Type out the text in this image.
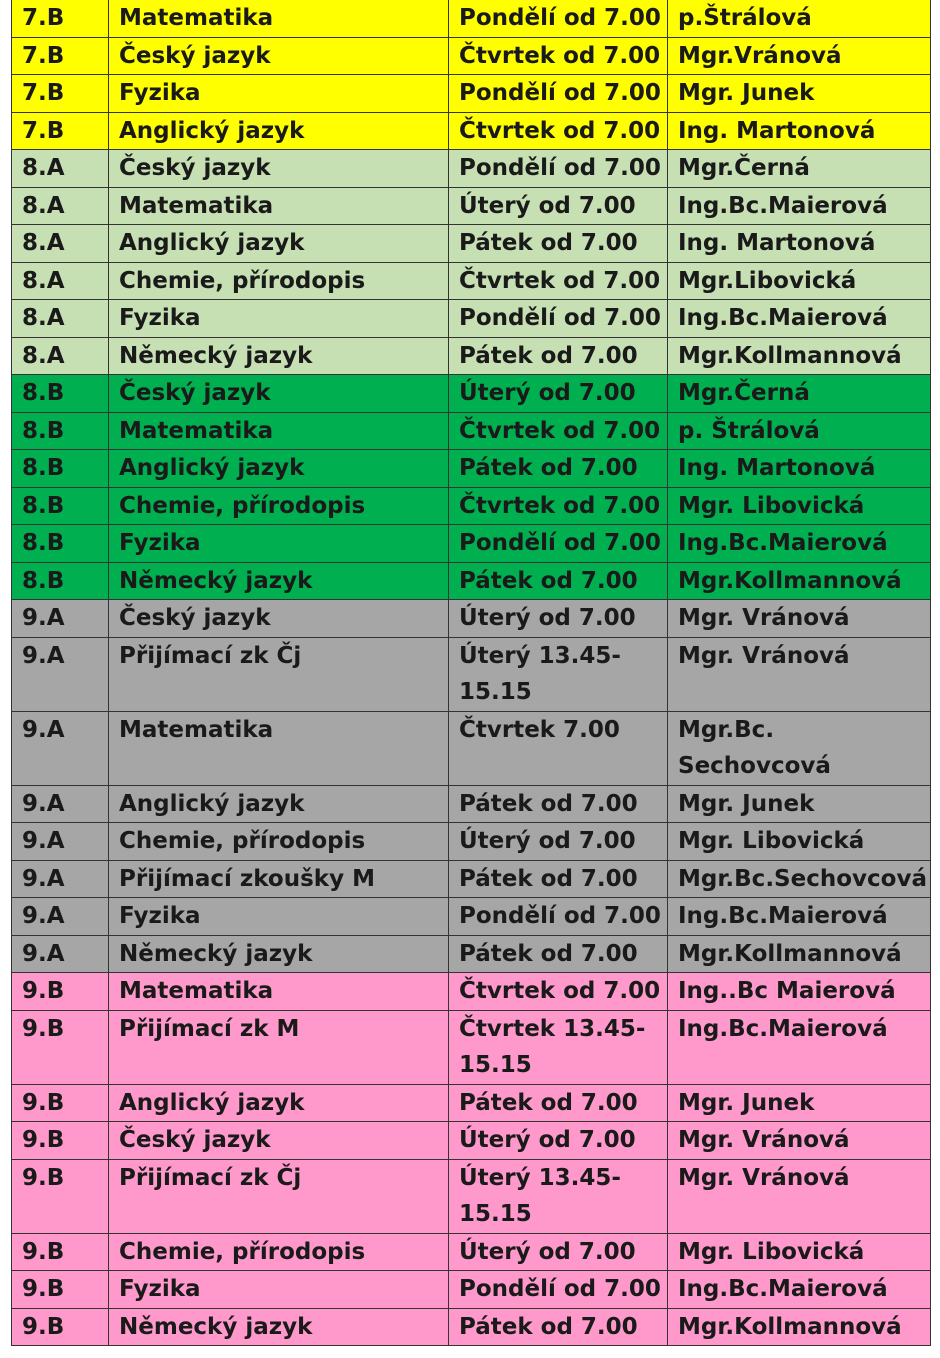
7.B	Matematika	Pondělí od 7.00	p.Štrálová
7.B	Český jazyk	Čtvrtek od 7.00	Mgr.Vránová
7.B	Fyzika	Pondělí od 7.00	Mgr. Junek
7.B	Anglický jazyk	Čtvrtek od 7.00	Ing. Martonová
8.A	Český jazyk	Pondělí od 7.00	Mgr.Černá
8.A	Matematika	Úterý od 7.00	Ing.Bc.Maierová
8.A	Anglický jazyk	Pátek od 7.00	Ing. Martonová
8.A	Chemie, přírodopis	Čtvrtek od 7.00	Mgr.Libovická
8.A	Fyzika	Pondělí od 7.00	Ing.Bc.Maierová
8.A	Německý jazyk	Pátek od 7.00	Mgr.Kollmannová
8.B	Český jazyk	Úterý od 7.00	Mgr.Černá
8.B	Matematika	Čtvrtek od 7.00	p. Štrálová
8.B	Anglický jazyk	Pátek od 7.00	Ing. Martonová
8.B	Chemie, přírodopis	Čtvrtek od 7.00	Mgr. Libovická
8.B	Fyzika	Pondělí od 7.00	Ing.Bc.Maierová
8.B	Německý jazyk	Pátek od 7.00	Mgr.Kollmannová
9.A	Český jazyk	Úterý od 7.00	Mgr. Vránová
9.A	Přijímací zk Čj	Úterý 13.45-15.15	Mgr. Vránová
9.A	Matematika	Čtvrtek 7.00	Mgr.Bc. Sechovcová
9.A	Anglický jazyk	Pátek od 7.00	Mgr. Junek
9.A	Chemie, přírodopis	Úterý od 7.00	Mgr. Libovická
9.A	Přijímací zkoušky M	Pátek od 7.00	Mgr.Bc.Sechovcová
9.A	Fyzika	Pondělí od 7.00	Ing.Bc.Maierová
9.A	Německý jazyk	Pátek od 7.00	Mgr.Kollmannová
9.B	Matematika	Čtvrtek od 7.00	Ing..Bc Maierová
9.B	Přijímací zk M	Čtvrtek 13.45-15.15	Ing.Bc.Maierová
9.B	Anglický jazyk	Pátek od 7.00	Mgr. Junek
9.B	Český jazyk	Úterý od 7.00	Mgr. Vránová
9.B	Přijímací zk Čj	Úterý 13.45-15.15	Mgr. Vránová
9.B	Chemie, přírodopis	Úterý od 7.00	Mgr. Libovická
9.B	Fyzika	Pondělí od 7.00	Ing.Bc.Maierová
9.B	Německý jazyk	Pátek od 7.00	Mgr.Kollmannová
